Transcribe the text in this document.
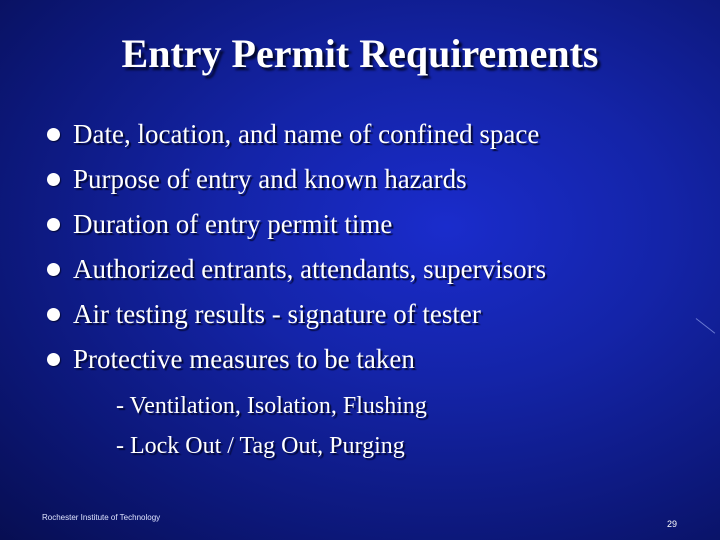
Entry Permit Requirements
Date, location, and name of confined space
Purpose of entry and known hazards
Duration of entry permit time
Authorized entrants, attendants, supervisors
Air testing results - signature of tester
Protective measures to be taken
- Ventilation, Isolation, Flushing
- Lock Out / Tag Out, Purging
Rochester Institute of Technology
29
